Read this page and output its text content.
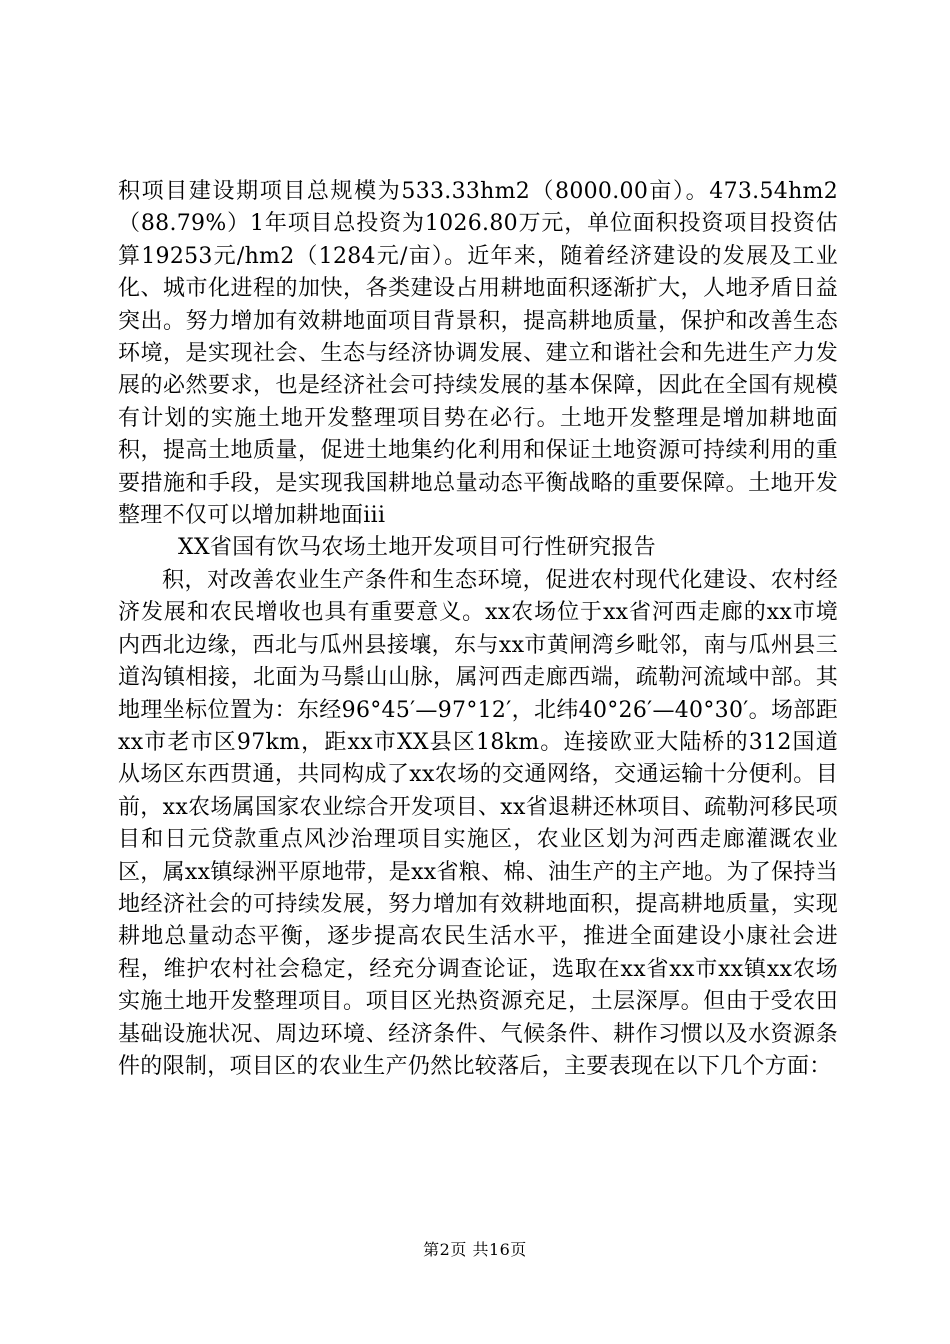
积项目建设期项目总规模为533.33hm2（8000.00亩）。473.54hm2（88.79%）1年项目总投资为1026.80万元，单位面积投资项目投资估算19253元/hm2（1284元/亩）。近年来，随着经济建设的发展及工业化、城市化进程的加快，各类建设占用耕地面积逐渐扩大，人地矛盾日益突出。努力增加有效耕地面项目背景积，提高耕地质量，保护和改善生态环境，是实现社会、生态与经济协调发展、建立和谐社会和先进生产力发展的必然要求，也是经济社会可持续发展的基本保障，因此在全国有规模有计划的实施土地开发整理项目势在必行。土地开发整理是增加耕地面积，提高土地质量，促进土地集约化利用和保证土地资源可持续利用的重要措施和手段，是实现我国耕地总量动态平衡战略的重要保障。土地开发整理不仅可以增加耕地面iii

XX省国有饮马农场土地开发项目可行性研究报告

积，对改善农业生产条件和生态环境，促进农村现代化建设、农村经济发展和农民增收也具有重要意义。xx农场位于xx省河西走廊的xx市境内西北边缘，西北与瓜州县接壤，东与xx市黄闸湾乡毗邻，南与瓜州县三道沟镇相接，北面为马鬃山山脉，属河西走廊西端，疏勒河流域中部。其地理坐标位置为：东经96°45′—97°12′，北纬40°26′—40°30′。场部距xx市老市区97km，距xx市XX县区18km。连接欧亚大陆桥的312国道从场区东西贯通，共同构成了xx农场的交通网络，交通运输十分便利。目前，xx农场属国家农业综合开发项目、xx省退耕还林项目、疏勒河移民项目和日元贷款重点风沙治理项目实施区，农业区划为河西走廊灌溉农业区，属xx镇绿洲平原地带，是xx省粮、棉、油生产的主产地。为了保持当地经济社会的可持续发展，努力增加有效耕地面积，提高耕地质量，实现耕地总量动态平衡，逐步提高农民生活水平，推进全面建设小康社会进程，维护农村社会稳定，经充分调查论证，选取在xx省xx市xx镇xx农场实施土地开发整理项目。项目区光热资源充足，土层深厚。但由于受农田基础设施状况、周边环境、经济条件、气候条件、耕作习惯以及水资源条件的限制，项目区的农业生产仍然比较落后，主要表现在以下几个方面：

第2页 共16页
